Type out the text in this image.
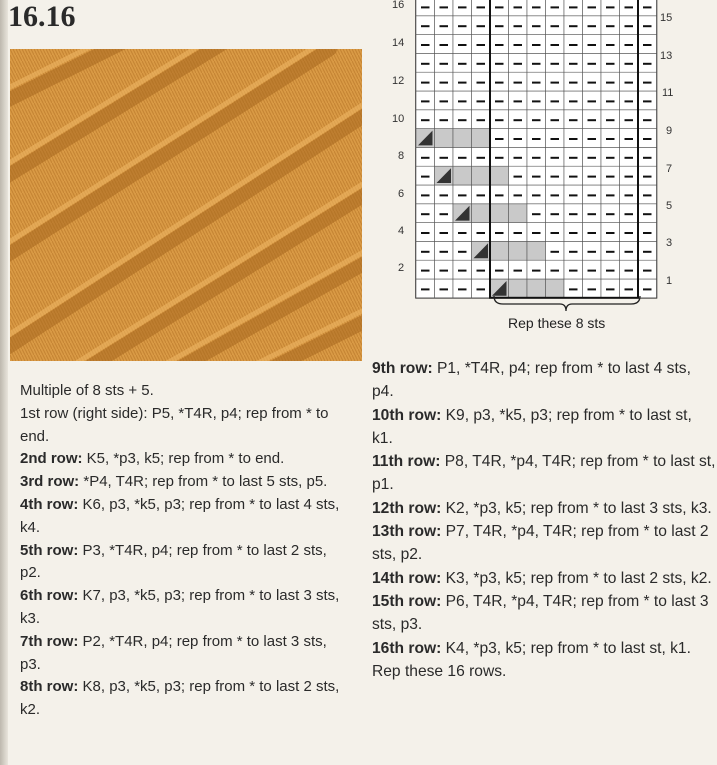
16.16	16
14
12
10
8
6
4
2
15
13
11
9
7
5
3
1
Rep these 8 sts

Multiple of 8 sts + 5.

1st row (right side): P5, *T4R, p4; rep from * to end.

2nd row: K5, *p3, k5; rep from * to end.

3rd row: *P4, T4R; rep from * to last 5 sts, p5.

4th row: K6, p3, *k5, p3; rep from * to last 4 sts, k4.

5th row: P3, *T4R, p4; rep from * to last 2 sts, p2.

6th row: K7, p3, *k5, p3; rep from * to last 3 sts, k3.

7th row: P2, *T4R, p4; rep from * to last 3 sts, p3.

8th row: K8, p3, *k5, p3; rep from * to last 2 sts, k2.

9th row: P1, *T4R, p4; rep from * to last 4 sts, p4.

10th row: K9, p3, *k5, p3; rep from * to last st, k1.

11th row: P8, T4R, *p4, T4R; rep from * to last st, p1.

12th row: K2, *p3, k5; rep from * to last 3 sts, k3.

13th row: P7, T4R, *p4, T4R; rep from * to last 2 sts, p2.

14th row: K3, *p3, k5; rep from * to last 2 sts, k2.

15th row: P6, T4R, *p4, T4R; rep from * to last 3 sts, p3.

16th row: K4, *p3, k5; rep from * to last st, k1.

Rep these 16 rows.
